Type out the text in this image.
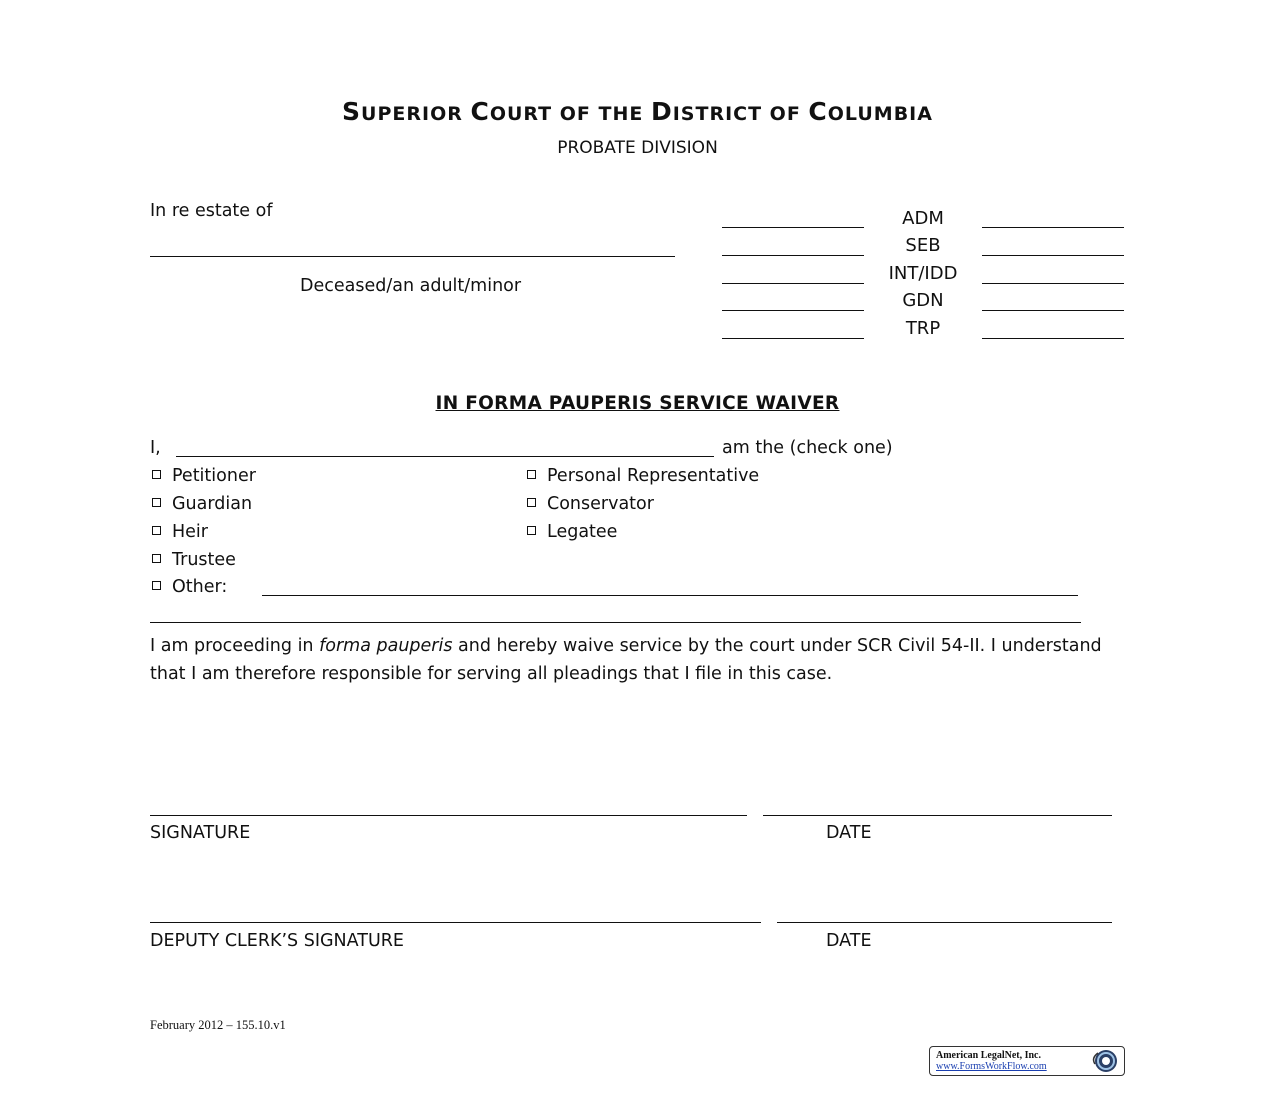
SUPERIOR COURT OF THE DISTRICT OF COLUMBIA
PROBATE DIVISION
In re estate of
Deceased/an adult/minor
ADM
SEB
INT/IDD
GDN
TRP
IN FORMA PAUPERIS SERVICE WAIVER
I,	am the (check one)
Petitioner
Guardian
Heir
Trustee
Personal Representative
Conservator
Legatee
Other:
I am proceeding in forma pauperis and hereby waive service by the court under SCR Civil 54-II. I understand that I am therefore responsible for serving all pleadings that I file in this case.
SIGNATURE	DATE
DEPUTY CLERK’S SIGNATURE	DATE
February 2012 – 155.10.v1
American LegalNet, Inc.
www.FormsWorkFlow.com
